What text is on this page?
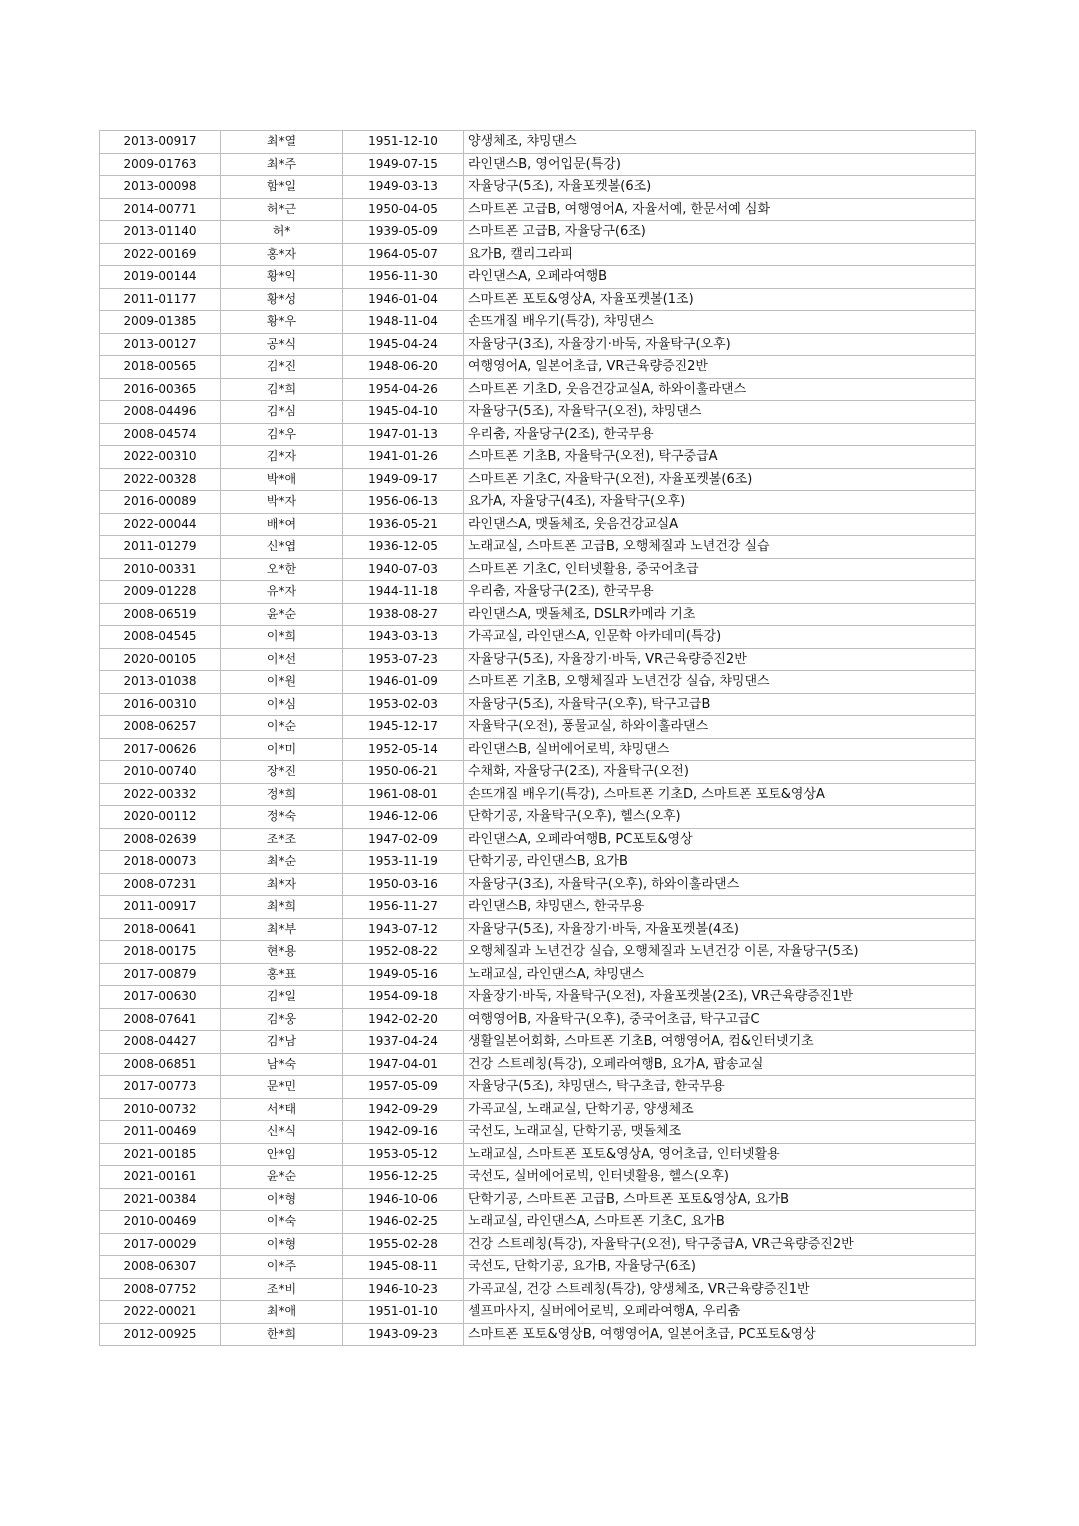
2013-00917	최*열	1951-12-10	양생체조, 챠밍댄스
2009-01763	최*주	1949-07-15	라인댄스B, 영어입문(특강)
2013-00098	함*일	1949-03-13	자율당구(5조), 자율포켓볼(6조)
2014-00771	허*근	1950-04-05	스마트폰 고급B, 여행영어A, 자율서예, 한문서예 심화
2013-01140	허*	1939-05-09	스마트폰 고급B, 자율당구(6조)
2022-00169	홍*자	1964-05-07	요가B, 캘리그라피
2019-00144	황*익	1956-11-30	라인댄스A, 오페라여행B
2011-01177	황*성	1946-01-04	스마트폰 포토&영상A, 자율포켓볼(1조)
2009-01385	황*우	1948-11-04	손뜨개질 배우기(특강), 챠밍댄스
2013-00127	공*식	1945-04-24	자율당구(3조), 자율장기·바둑, 자율탁구(오후)
2018-00565	김*진	1948-06-20	여행영어A, 일본어초급, VR근육량증진2반
2016-00365	김*희	1954-04-26	스마트폰 기초D, 웃음건강교실A, 하와이훌라댄스
2008-04496	김*심	1945-04-10	자율당구(5조), 자율탁구(오전), 챠밍댄스
2008-04574	김*우	1947-01-13	우리춤, 자율당구(2조), 한국무용
2022-00310	김*자	1941-01-26	스마트폰 기초B, 자율탁구(오전), 탁구중급A
2022-00328	박*애	1949-09-17	스마트폰 기초C, 자율탁구(오전), 자율포켓볼(6조)
2016-00089	박*자	1956-06-13	요가A, 자율당구(4조), 자율탁구(오후)
2022-00044	배*여	1936-05-21	라인댄스A, 맷돌체조, 웃음건강교실A
2011-01279	신*엽	1936-12-05	노래교실, 스마트폰 고급B, 오행체질과 노년건강 실습
2010-00331	오*한	1940-07-03	스마트폰 기초C, 인터넷활용, 중국어초급
2009-01228	유*자	1944-11-18	우리춤, 자율당구(2조), 한국무용
2008-06519	윤*순	1938-08-27	라인댄스A, 맷돌체조, DSLR카메라 기초
2008-04545	이*희	1943-03-13	가곡교실, 라인댄스A, 인문학 아카데미(특강)
2020-00105	이*선	1953-07-23	자율당구(5조), 자율장기·바둑, VR근육량증진2반
2013-01038	이*원	1946-01-09	스마트폰 기초B, 오행체질과 노년건강 실습, 챠밍댄스
2016-00310	이*심	1953-02-03	자율당구(5조), 자율탁구(오후), 탁구고급B
2008-06257	이*순	1945-12-17	자율탁구(오전), 풍물교실, 하와이훌라댄스
2017-00626	이*미	1952-05-14	라인댄스B, 실버에어로빅, 챠밍댄스
2010-00740	장*진	1950-06-21	수채화, 자율당구(2조), 자율탁구(오전)
2022-00332	정*희	1961-08-01	손뜨개질 배우기(특강), 스마트폰 기초D, 스마트폰 포토&영상A
2020-00112	정*숙	1946-12-06	단학기공, 자율탁구(오후), 헬스(오후)
2008-02639	조*조	1947-02-09	라인댄스A, 오페라여행B, PC포토&영상
2018-00073	최*순	1953-11-19	단학기공, 라인댄스B, 요가B
2008-07231	최*자	1950-03-16	자율당구(3조), 자율탁구(오후), 하와이훌라댄스
2011-00917	최*희	1956-11-27	라인댄스B, 챠밍댄스, 한국무용
2018-00641	최*부	1943-07-12	자율당구(5조), 자율장기·바둑, 자율포켓볼(4조)
2018-00175	현*용	1952-08-22	오행체질과 노년건강 실습, 오행체질과 노년건강 이론, 자율당구(5조)
2017-00879	홍*표	1949-05-16	노래교실, 라인댄스A, 챠밍댄스
2017-00630	김*일	1954-09-18	자율장기·바둑, 자율탁구(오전), 자율포켓볼(2조), VR근육량증진1반
2008-07641	김*웅	1942-02-20	여행영어B, 자율탁구(오후), 중국어초급, 탁구고급C
2008-04427	김*남	1937-04-24	생활일본어회화, 스마트폰 기초B, 여행영어A, 컴&인터넷기초
2008-06851	남*숙	1947-04-01	건강 스트레칭(특강), 오페라여행B, 요가A, 팝송교실
2017-00773	문*민	1957-05-09	자율당구(5조), 챠밍댄스, 탁구초급, 한국무용
2010-00732	서*태	1942-09-29	가곡교실, 노래교실, 단학기공, 양생체조
2011-00469	신*식	1942-09-16	국선도, 노래교실, 단학기공, 맷돌체조
2021-00185	안*임	1953-05-12	노래교실, 스마트폰 포토&영상A, 영어초급, 인터넷활용
2021-00161	윤*순	1956-12-25	국선도, 실버에어로빅, 인터넷활용, 헬스(오후)
2021-00384	이*형	1946-10-06	단학기공, 스마트폰 고급B, 스마트폰 포토&영상A, 요가B
2010-00469	이*숙	1946-02-25	노래교실, 라인댄스A, 스마트폰 기초C, 요가B
2017-00029	이*형	1955-02-28	건강 스트레칭(특강), 자율탁구(오전), 탁구중급A, VR근육량증진2반
2008-06307	이*주	1945-08-11	국선도, 단학기공, 요가B, 자율당구(6조)
2008-07752	조*비	1946-10-23	가곡교실, 건강 스트레칭(특강), 양생체조, VR근육량증진1반
2022-00021	최*애	1951-01-10	셀프마사지, 실버에어로빅, 오페라여행A, 우리춤
2012-00925	한*희	1943-09-23	스마트폰 포토&영상B, 여행영어A, 일본어초급, PC포토&영상
